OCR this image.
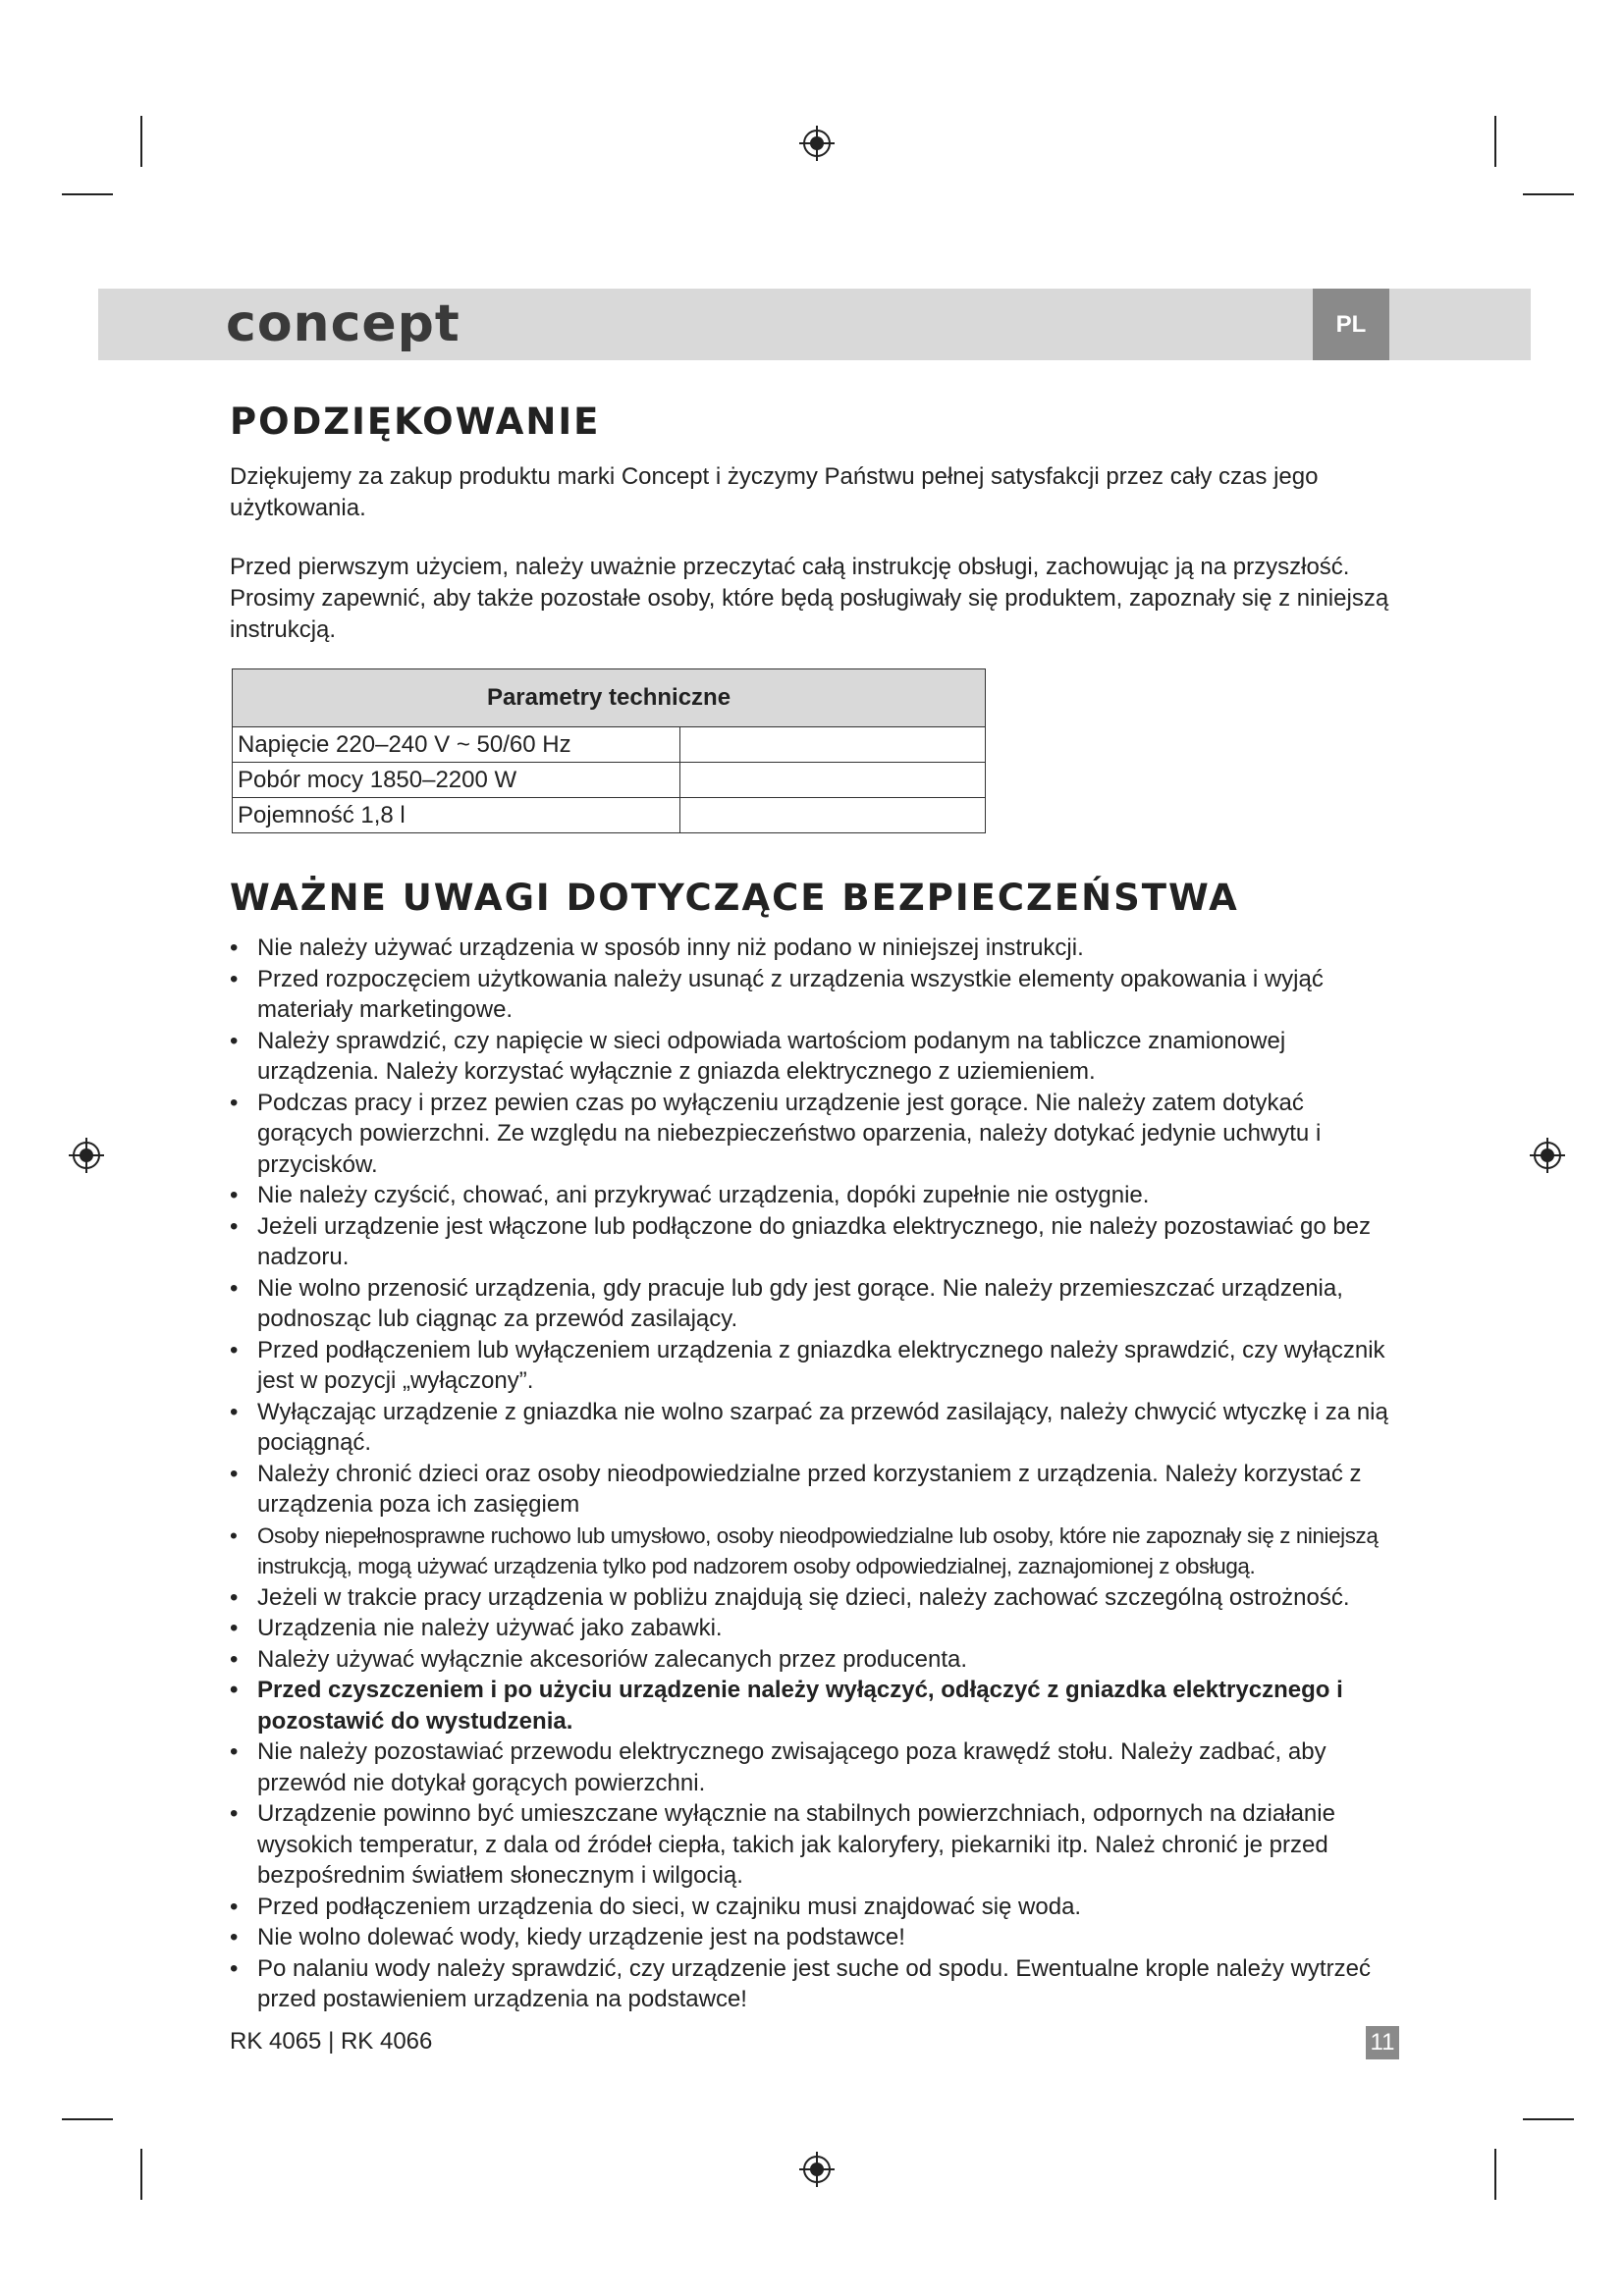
concept	PL
PODZIĘKOWANIE

Dziękujemy za zakup produktu marki Concept i życzymy Państwu pełnej satysfakcji przez cały czas jego użytkowania.

Przed pierwszym użyciem, należy uważnie przeczytać całą instrukcję obsługi, zachowując ją na przyszłość. Prosimy zapewnić, aby także pozostałe osoby, które będą posługiwały się produktem, zapoznały się z niniejszą instrukcją.

Parametry techniczne	
Napięcie 220–240 V ~ 50/60 Hz	
Pobór mocy 1850–2200 W	
Pojemność 1,8 l	
WAŻNE UWAGI DOTYCZĄCE BEZPIECZEŃSTWA
• Nie należy używać urządzenia w sposób inny niż podano w niniejszej instrukcji.
• Przed rozpoczęciem użytkowania należy usunąć z urządzenia wszystkie elementy opakowania i wyjąć materiały marketingowe.
• Należy sprawdzić, czy napięcie w sieci odpowiada wartościom podanym na tabliczce znamionowej urządzenia. Należy korzystać wyłącznie z gniazda elektrycznego z uziemieniem.
• Podczas pracy i przez pewien czas po wyłączeniu urządzenie jest gorące. Nie należy zatem dotykać gorących powierzchni. Ze względu na niebezpieczeństwo oparzenia, należy dotykać jedynie uchwytu i przycisków.
• Nie należy czyścić, chować, ani przykrywać urządzenia, dopóki zupełnie nie ostygnie.
• Jeżeli urządzenie jest włączone lub podłączone do gniazdka elektrycznego, nie należy pozostawiać go bez nadzoru.
• Nie wolno przenosić urządzenia, gdy pracuje lub gdy jest gorące. Nie należy przemieszczać urządzenia, podnosząc lub ciągnąc za przewód zasilający.
• Przed podłączeniem lub wyłączeniem urządzenia z gniazdka elektrycznego należy sprawdzić, czy wyłącznik jest w pozycji „wyłączony”.
• Wyłączając urządzenie z gniazdka nie wolno szarpać za przewód zasilający, należy chwycić wtyczkę i za nią pociągnąć.
• Należy chronić dzieci oraz osoby nieodpowiedzialne przed korzystaniem z urządzenia. Należy korzystać z urządzenia poza ich zasięgiem
• Osoby niepełnosprawne ruchowo lub umysłowo, osoby nieodpowiedzialne lub osoby, które nie zapoznały się z niniejszą instrukcją, mogą używać urządzenia tylko pod nadzorem osoby odpowiedzialnej, zaznajomionej z obsługą.
• Jeżeli w trakcie pracy urządzenia w pobliżu znajdują się dzieci, należy zachować szczególną ostrożność.
• Urządzenia nie należy używać jako zabawki.
• Należy używać wyłącznie akcesoriów zalecanych przez producenta.
• Przed czyszczeniem i po użyciu urządzenie należy wyłączyć, odłączyć z gniazdka elektrycznego i pozostawić do wystudzenia.
• Nie należy pozostawiać przewodu elektrycznego zwisającego poza krawędź stołu. Należy zadbać, aby przewód nie dotykał gorących powierzchni.
• Urządzenie powinno być umieszczane wyłącznie na stabilnych powierzchniach, odpornych na działanie wysokich temperatur, z dala od źródeł ciepła, takich jak kaloryfery, piekarniki itp. Należ chronić je przed bezpośrednim światłem słonecznym i wilgocią.
• Przed podłączeniem urządzenia do sieci, w czajniku musi znajdować się woda.
• Nie wolno dolewać wody, kiedy urządzenie jest na podstawce!
• Po nalaniu wody należy sprawdzić, czy urządzenie jest suche od spodu. Ewentualne krople należy wytrzeć przed postawieniem urządzenia na podstawce!
RK 4065 | RK 4066	11
